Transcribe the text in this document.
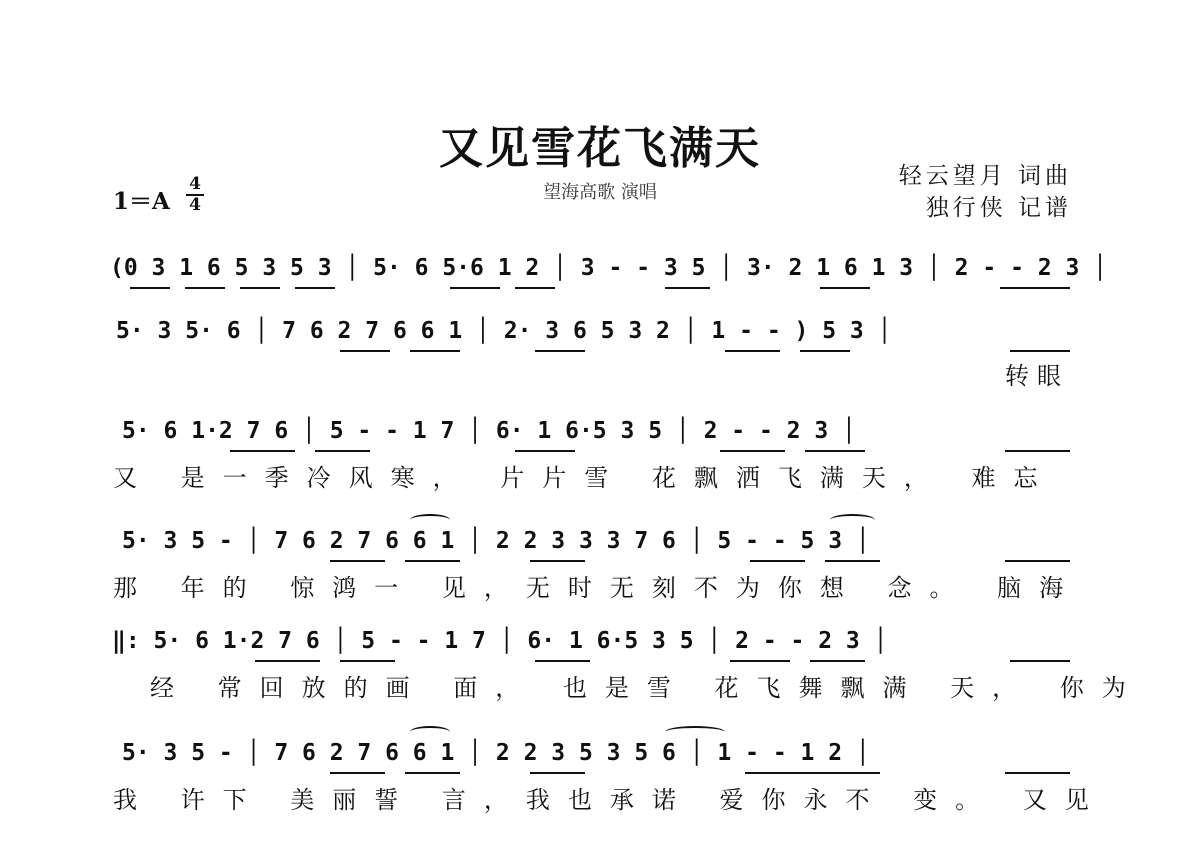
又见雪花飞满天
望海高歌 演唱
轻云望月 词曲
独行侠 记谱
1＝A
4
4
(0 3 1 6 5 3 5 3 │ 5· 6 5·6 1 2 │ 3 - - 3 5 │ 3· 2 1 6 1 3 │ 2 - - 2 3 │
5· 3 5· 6 │ 7 6 2 7 6 6 1 │ 2· 3 6 5 3 2 │ 1 - - ) 5 3 │
转眼
5· 6 1·2 7 6 │ 5 - - 1 7 │ 6· 1 6·5 3 5 │ 2 - - 2 3 │
又 是一季冷风寒， 片片雪 花飘洒飞满天， 难忘
5· 3 5 - │ 7 6 2 7 6 6 1 │ 2 2 3 3 3 7 6 │ 5 - - 5 3 │
那 年的 惊鸿一 见，无时无刻不为你想 念。 脑海
‖: 5· 6 1·2 7 6 │ 5 - - 1 7 │ 6· 1 6·5 3 5 │ 2 - - 2 3 │
经 常回放的画 面， 也是雪 花飞舞飘满 天， 你为
5· 3 5 - │ 7 6 2 7 6 6 1 │ 2 2 3 5 3 5 6 │ 1 - - 1 2 │
我 许下 美丽誓 言，我也承诺 爱你永不 变。 又见
